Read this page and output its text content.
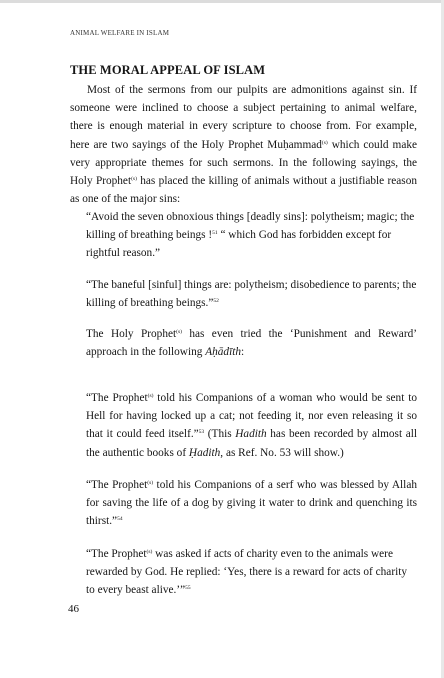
ANIMAL WELFARE IN ISLAM
THE MORAL APPEAL OF ISLAM

Most of the sermons from our pulpits are admonitions against sin. If someone were inclined to choose a subject pertaining to animal welfare, there is enough material in every scripture to choose from. For example, here are two sayings of the Holy Prophet Muḥammad$^{(s)}$ which could make very appropriate themes for such sermons. In the following sayings, the Holy Prophet$^{(s)}$ has placed the killing of animals without a justifiable reason as one of the major sins:

“Avoid the seven obnoxious things [deadly sins]: polytheism; magic; the killing of breathing beings !$^{51}$ “ which God has forbidden except for rightful reason.”

“The baneful [sinful] things are: polytheism; disobedience to parents; the killing of breathing beings.”$^{52}$

The Holy Prophet$^{(s)}$ has even tried the ‘Punishment and Reward’ approach in the following Aḥādīth:

“The Prophet$^{(s)}$ told his Companions of a woman who would be sent to Hell for having locked up a cat; not feeding it, nor even releasing it so that it could feed itself.”$^{53}$ (This Hadith has been recorded by almost all the authentic books of Ḥadith, as Ref. No. 53 will show.)

“The Prophet$^{(s)}$ told his Companions of a serf who was blessed by Allah for saving the life of a dog by giving it water to drink and quenching its thirst.”$^{54}$

“The Prophet$^{(s)}$ was asked if acts of charity even to the animals were rewarded by God. He replied: ‘Yes, there is a reward for acts of charity to every beast alive.’”$^{55}$

46
